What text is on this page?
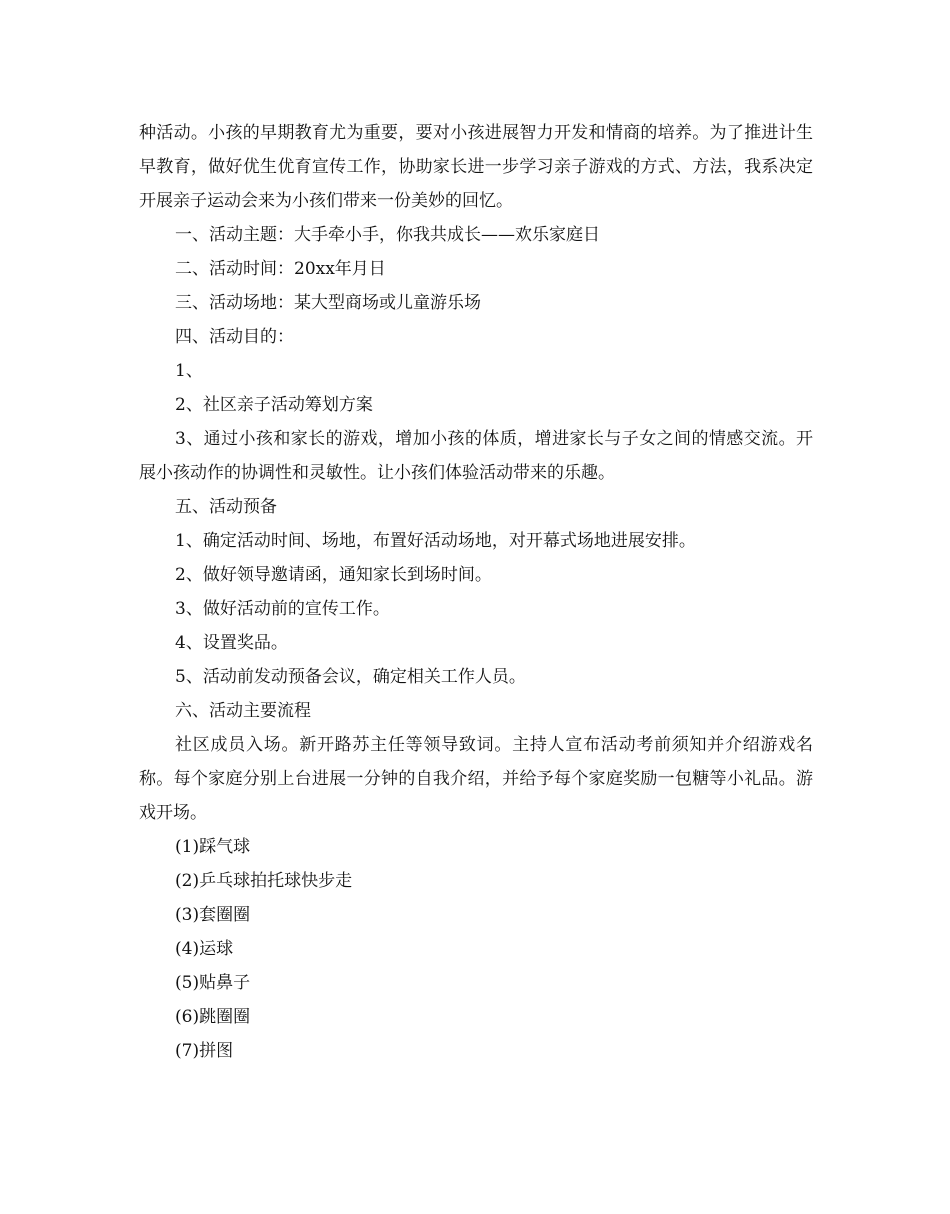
种活动。小孩的早期教育尤为重要，要对小孩进展智力开发和情商的培养。为了推进计生早教育，做好优生优育宣传工作，协助家长进一步学习亲子游戏的方式、方法，我系决定开展亲子运动会来为小孩们带来一份美妙的回忆。

一、活动主题：大手牵小手，你我共成长——欢乐家庭日

二、活动时间：20xx年月日

三、活动场地：某大型商场或儿童游乐场

四、活动目的：

1、

2、社区亲子活动筹划方案

3、通过小孩和家长的游戏，增加小孩的体质，增进家长与子女之间的情感交流。开展小孩动作的协调性和灵敏性。让小孩们体验活动带来的乐趣。

五、活动预备

1、确定活动时间、场地，布置好活动场地，对开幕式场地进展安排。

2、做好领导邀请函，通知家长到场时间。

3、做好活动前的宣传工作。

4、设置奖品。

5、活动前发动预备会议，确定相关工作人员。

六、活动主要流程

社区成员入场。新开路苏主任等领导致词。主持人宣布活动考前须知并介绍游戏名称。每个家庭分别上台进展一分钟的自我介绍，并给予每个家庭奖励一包糖等小礼品。游戏开场。

(1)踩气球

(2)乒乓球拍托球快步走

(3)套圈圈

(4)运球

(5)贴鼻子

(6)跳圈圈

(7)拼图
